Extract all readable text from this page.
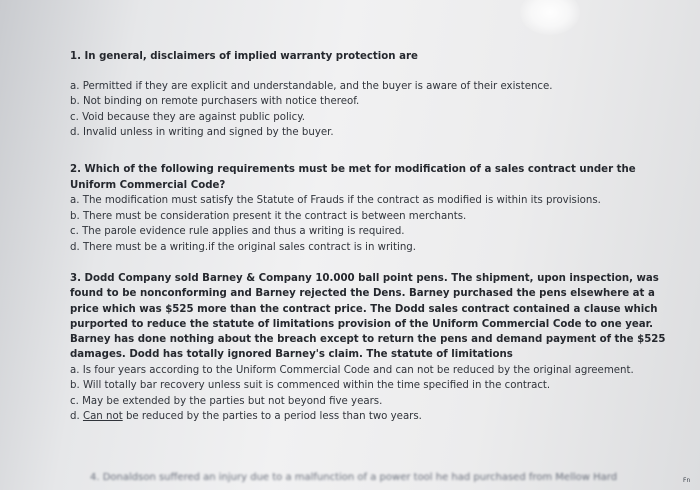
1. In general, disclaimers of implied warranty protection are

a. Permitted if they are explicit and understandable, and the buyer is aware of their existence.

b. Not binding on remote purchasers with notice thereof.

c. Void because they are against public policy.

d. Invalid unless in writing and signed by the buyer.

2. Which of the following requirements must be met for modification of a sales contract under the Uniform Commercial Code?

a. The modification must satisfy the Statute of Frauds if the contract as modified is within its provisions.

b. There must be consideration present it the contract is between merchants.

c. The parole evidence rule applies and thus a writing is required.

d. There must be a writing.if the original sales contract is in writing.

3. Dodd Company sold Barney & Company 10.000 ball point pens. The shipment, upon inspection, was found to be nonconforming and Barney rejected the Dens. Barney purchased the pens elsewhere at a price which was $525 more than the contract price. The Dodd sales contract contained a clause which purported to reduce the statute of limitations provision of the Uniform Commercial Code to one year. Barney has done nothing about the breach except to return the pens and demand payment of the $525 damages. Dodd has totally ignored Barney's claim. The statute of limitations

a. Is four years according to the Uniform Commercial Code and can not be reduced by the original agreement.

b. Will totally bar recovery unless suit is commenced within the time specified in the contract.

c. May be extended by the parties but not beyond five years.

d. Can not be reduced by the parties to a period less than two years.

4. Donaldson suffered an injury due to a malfunction of a power tool he had purchased from Mellow Hard	Fn
